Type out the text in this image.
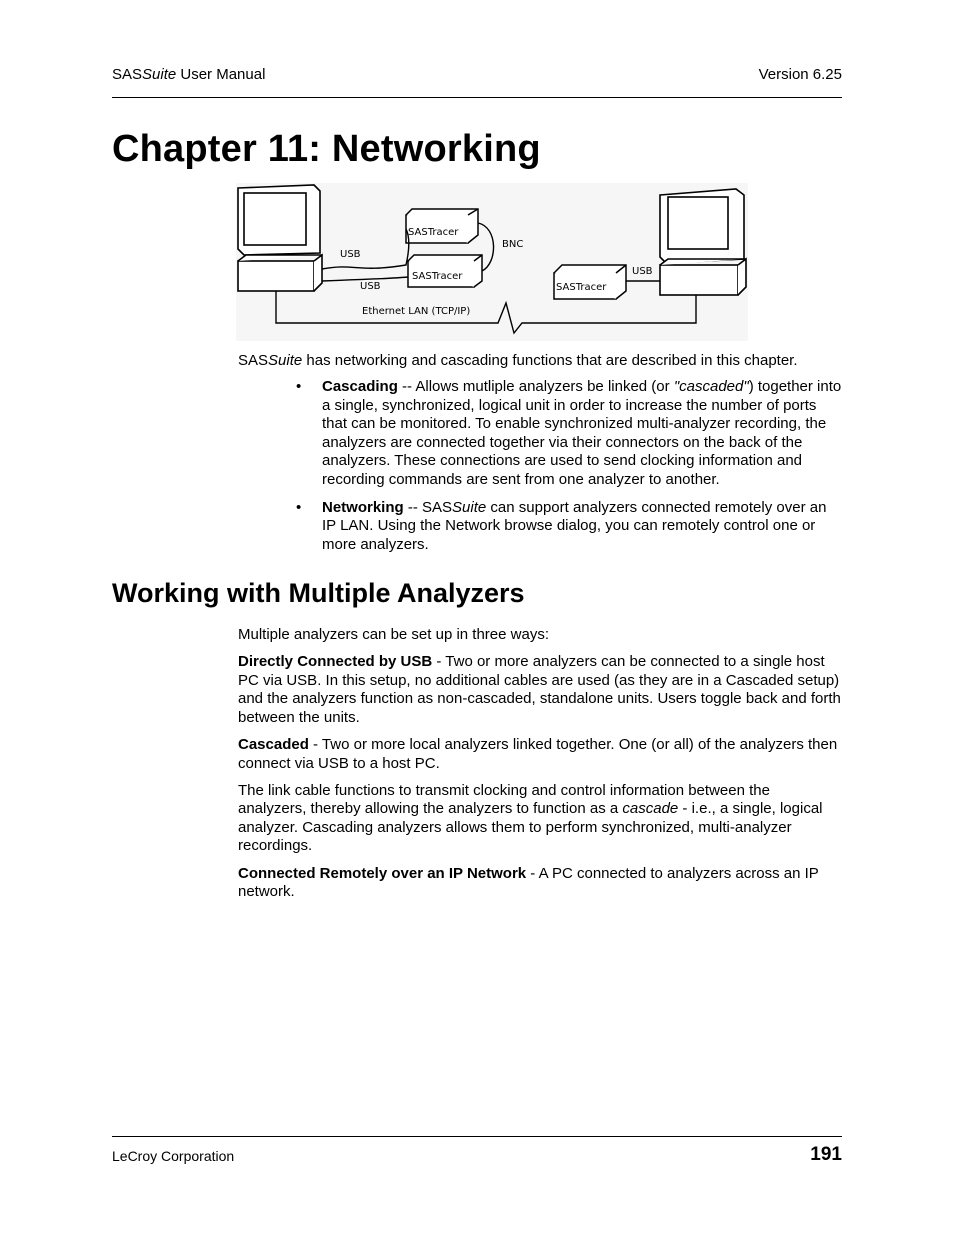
SASSuite User Manual	Version 6.25
Chapter 11: Networking
SASTracer
SASTracer
SASTracer
BNC
USB
USB
USB
Ethernet LAN (TCP/IP)
SASSuite has networking and cascading functions that are described in this chapter.
• Cascading -- Allows mutliple analyzers be linked (or "cascaded") together into a single, synchronized, logical unit in order to increase the number of ports that can be monitored. To enable synchronized multi-analyzer recording, the analyzers are connected together via their connectors on the back of the analyzers. These connections are used to send clocking information and recording commands are sent from one analyzer to another.
• Networking -- SASSuite can support analyzers connected remotely over an IP LAN. Using the Network browse dialog, you can remotely control one or more analyzers.
Working with Multiple Analyzers

Multiple analyzers can be set up in three ways:

Directly Connected by USB - Two or more analyzers can be connected to a single host PC via USB. In this setup, no additional cables are used (as they are in a Cascaded setup) and the analyzers function as non-cascaded, standalone units. Users toggle back and forth between the units.

Cascaded - Two or more local analyzers linked together. One (or all) of the analyzers then connect via USB to a host PC.

The link cable functions to transmit clocking and control information between the analyzers, thereby allowing the analyzers to function as a cascade - i.e., a single, logical analyzer. Cascading analyzers allows them to perform synchronized, multi-analyzer recordings.

Connected Remotely over an IP Network - A PC connected to analyzers across an IP network.

LeCroy Corporation	191
